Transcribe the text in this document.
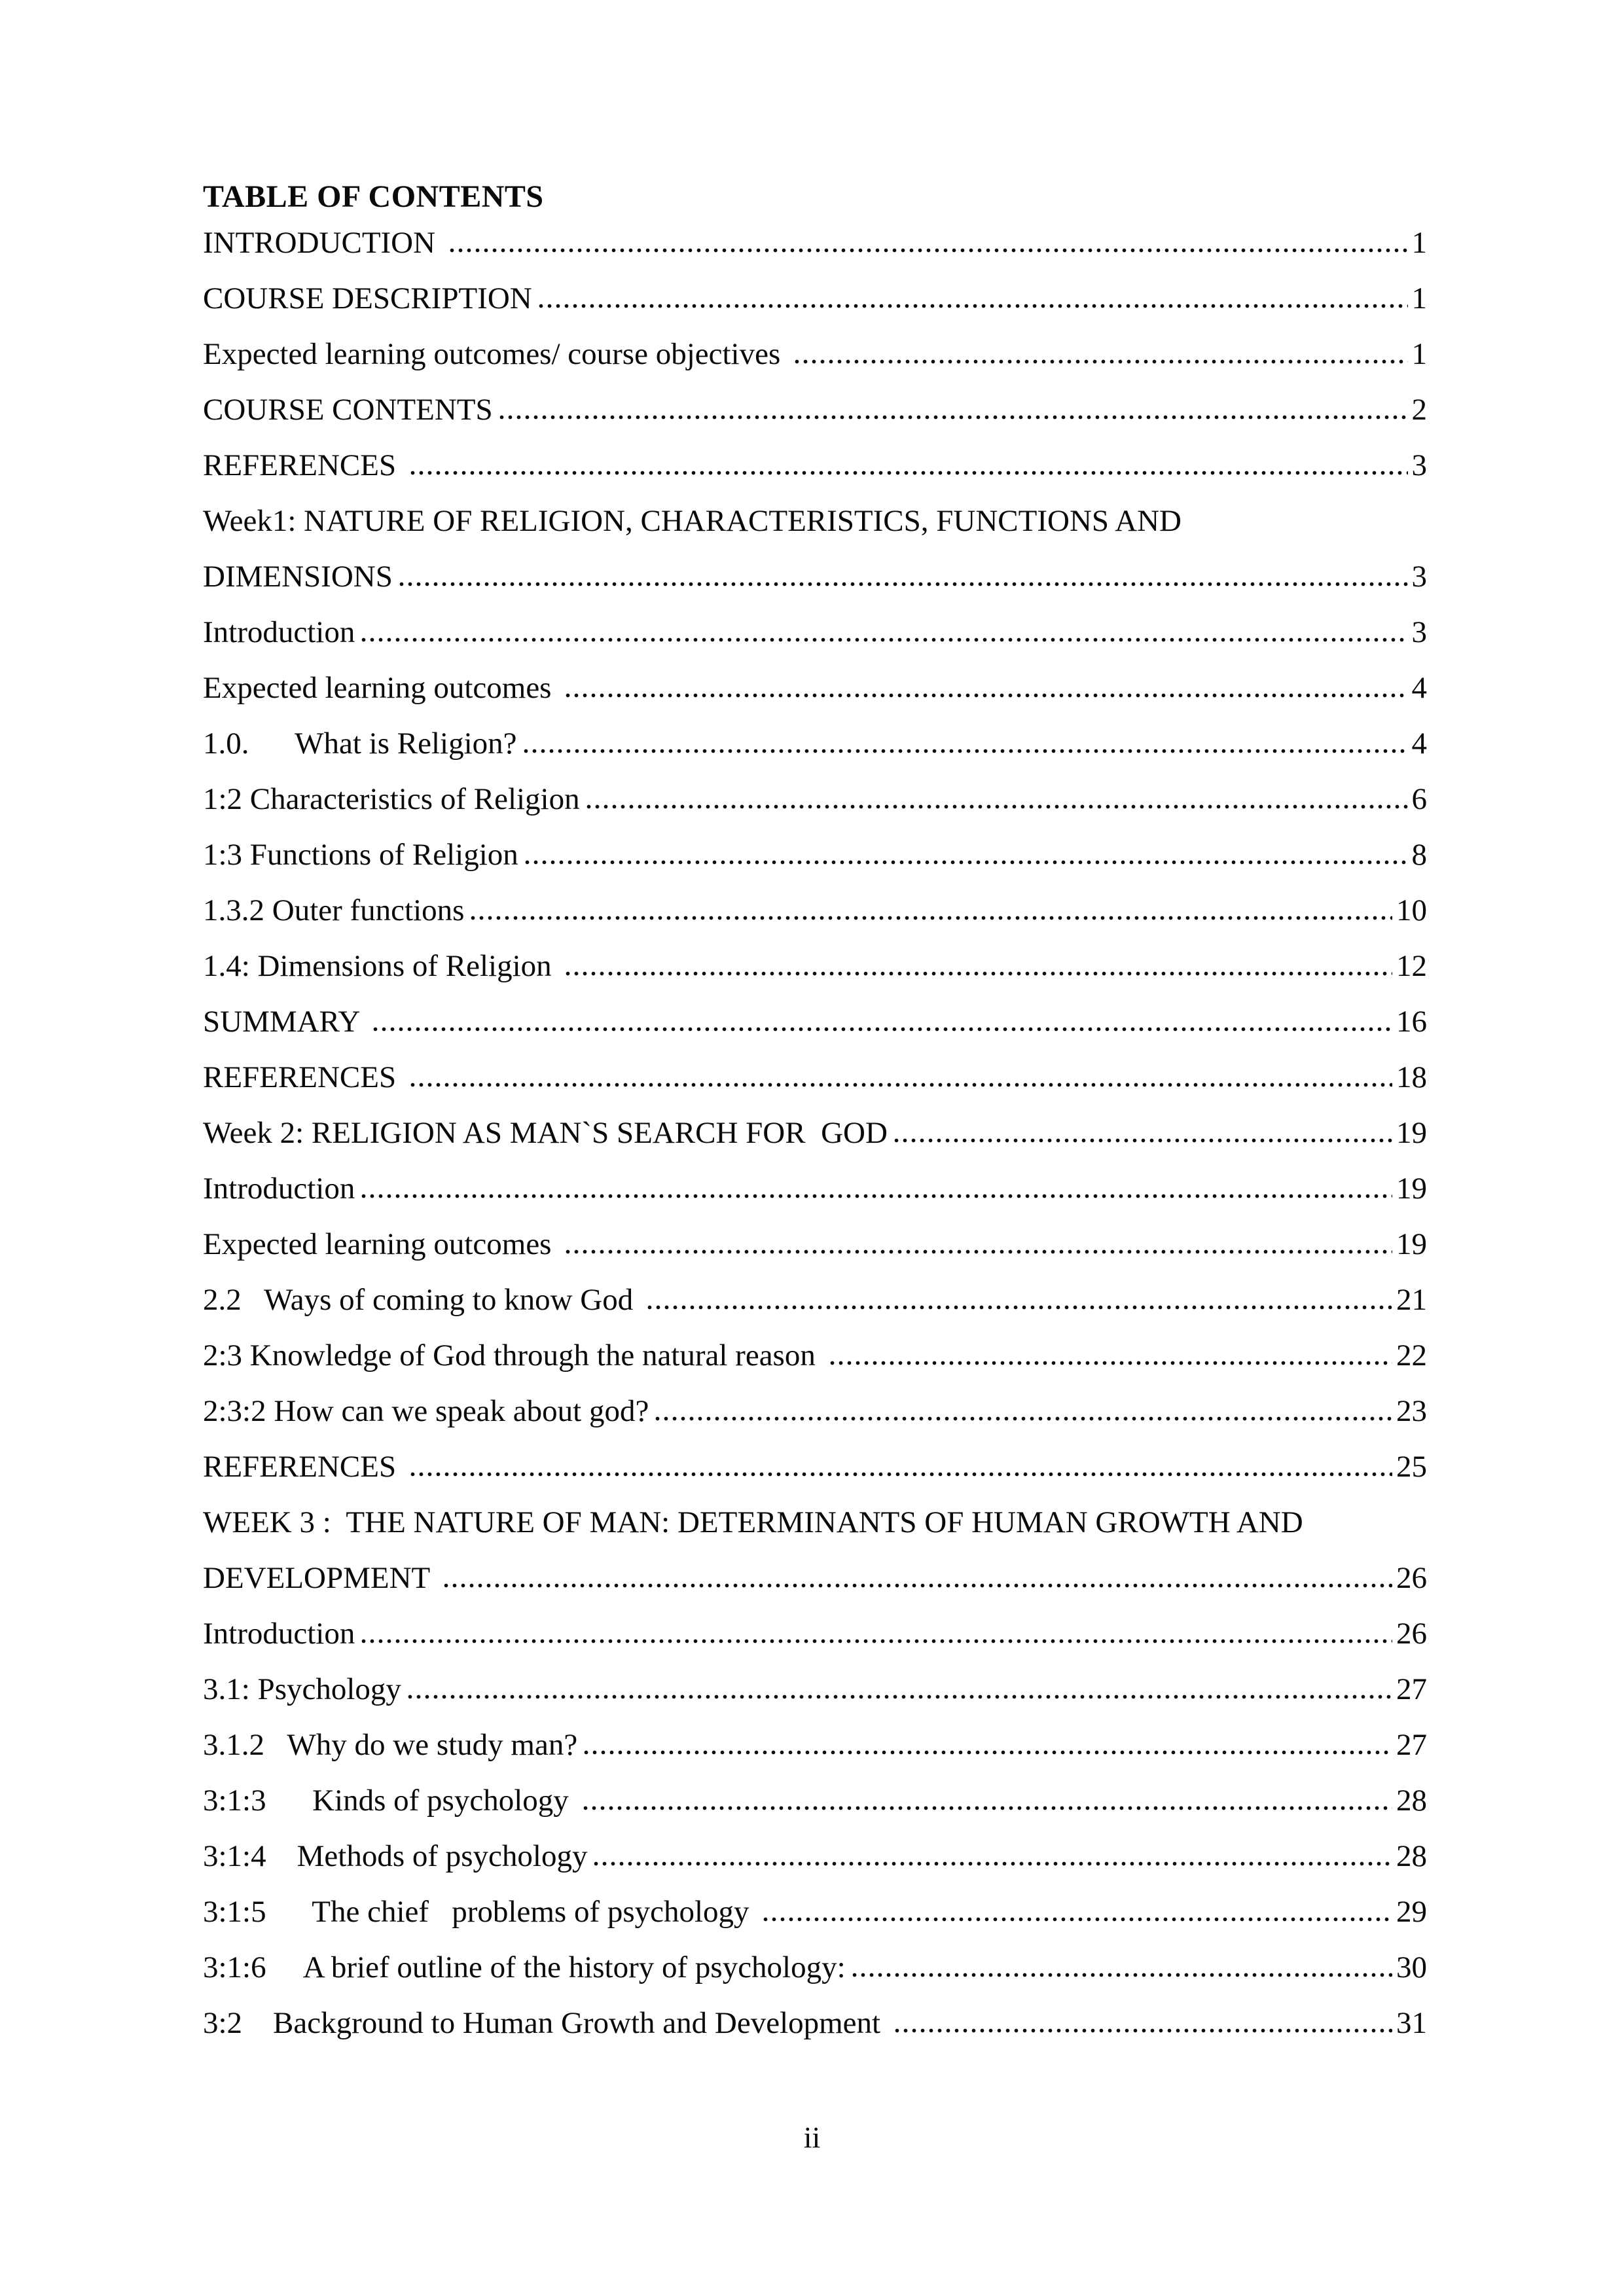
TABLE OF CONTENTS
INTRODUCTION	1
COURSE DESCRIPTION	1
Expected learning outcomes/ course objectives	1
COURSE CONTENTS	2
REFERENCES	3
Week1: NATURE OF RELIGION, CHARACTERISTICS, FUNCTIONS AND
DIMENSIONS	3
Introduction	3
Expected learning outcomes	4
1.0.      What is Religion?	4
1:2 Characteristics of Religion	6
1:3 Functions of Religion	8
1.3.2 Outer functions	10
1.4: Dimensions of Religion	12
SUMMARY	16
REFERENCES	18
Week 2: RELIGION AS MAN`S SEARCH FOR  GOD	19
Introduction	19
Expected learning outcomes	19
2.2   Ways of coming to know God	21
2:3 Knowledge of God through the natural reason	22
2:3:2 How can we speak about god?	23
REFERENCES	25
WEEK 3 :  THE NATURE OF MAN: DETERMINANTS OF HUMAN GROWTH AND
DEVELOPMENT	26
Introduction	26
3.1: Psychology	27
3.1.2   Why do we study man?	27
3:1:3      Kinds of psychology	28
3:1:4    Methods of psychology	28
3:1:5      The chief   problems of psychology	29
3:1:6     A brief outline of the history of psychology:	30
3:2    Background to Human Growth and Development	31
ii
